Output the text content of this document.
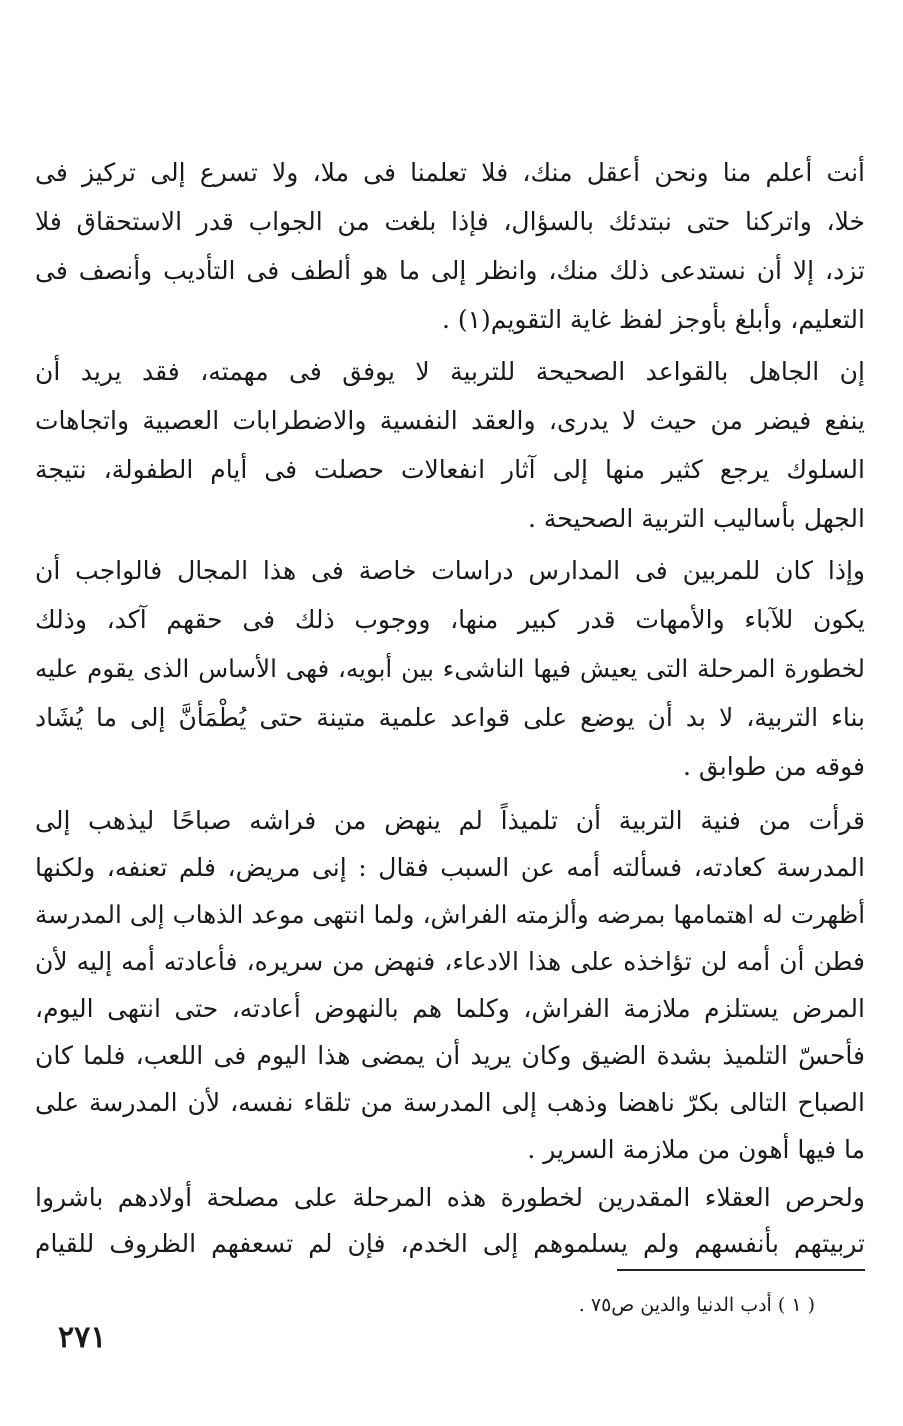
أنت أعلم منا ونحن أعقل منك، فلا تعلمنا فى ملا، ولا تسرع إلى تركيز فى
خلا، واتركنا حتى نبتدئك بالسؤال، فإذا بلغت من الجواب قدر الاستحقاق فلا
تزد، إلا أن نستدعى ذلك منك، وانظر إلى ما هو ألطف فى التأديب وأنصف فى
التعليم، وأبلغ بأوجز لفظ غاية التقويم(١) .
إن الجاهل بالقواعد الصحيحة للتربية لا يوفق فى مهمته، فقد يريد أن
ينفع فيضر من حيث لا يدرى، والعقد النفسية والاضطرابات العصبية واتجاهات
السلوك يرجع كثير منها إلى آثار انفعالات حصلت فى أيام الطفولة، نتيجة
الجهل بأساليب التربية الصحيحة .
وإذا كان للمربين فى المدارس دراسات خاصة فى هذا المجال فالواجب أن
يكون للآباء والأمهات قدر كبير منها، ووجوب ذلك فى حقهم آكد، وذلك
لخطورة المرحلة التى يعيش فيها الناشىء بين أبويه، فهى الأساس الذى يقوم عليه
بناء التربية، لا بد أن يوضع على قواعد علمية متينة حتى يُطْمَأنَّ إلى ما يُشَاد
فوقه من طوابق .
قرأت من فنية التربية أن تلميذاً لم ينهض من فراشه صباحًا ليذهب إلى
المدرسة كعادته، فسألته أمه عن السبب فقال : إنى مريض، فلم تعنفه، ولكنها
أظهرت له اهتمامها بمرضه وألزمته الفراش، ولما انتهى موعد الذهاب إلى المدرسة
فطن أن أمه لن تؤاخذه على هذا الادعاء، فنهض من سريره، فأعادته أمه إليه لأن
المرض يستلزم ملازمة الفراش، وكلما هم بالنهوض أعادته، حتى انتهى اليوم،
فأحسّ التلميذ بشدة الضيق وكان يريد أن يمضى هذا اليوم فى اللعب، فلما كان
الصباح التالى بكرّ ناهضا وذهب إلى المدرسة من تلقاء نفسه، لأن المدرسة على
ما فيها أهون من ملازمة السرير .
ولحرص العقلاء المقدرين لخطورة هذه المرحلة على مصلحة أولادهم باشروا
تربيتهم بأنفسهم ولم يسلموهم إلى الخدم، فإن لم تسعفهم الظروف للقيام
( ١ ) أدب الدنيا والدين ص٧٥ .
٢٧١
